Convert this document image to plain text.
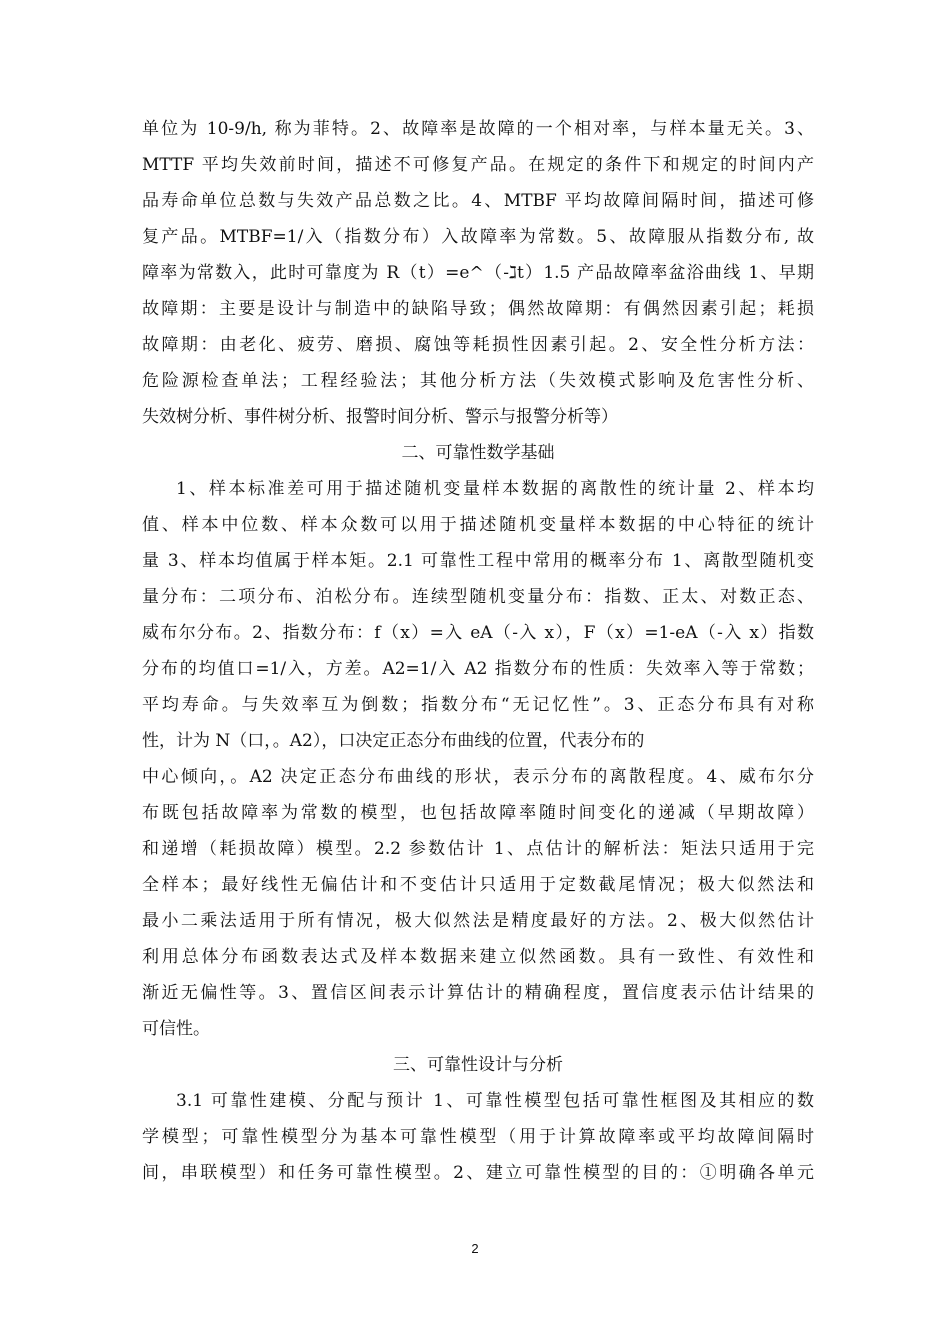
单位为 10-9/h, 称为菲特。2、故障率是故障的一个相对率，与样本量无关。3、
MTTF 平均失效前时间，描述不可修复产品。在规定的条件下和规定的时间内产
品寿命单位总数与失效产品总数之比。4、MTBF 平均故障间隔时间，描述可修
复产品。MTBF=1/入（指数分布）入故障率为常数。5、故障服从指数分布, 故
障率为常数入，此时可靠度为 R（t）=e^（-ℷt）1.5 产品故障率盆浴曲线 1、早期
故障期：主要是设计与制造中的缺陷导致；偶然故障期：有偶然因素引起；耗损
故障期：由老化、疲劳、磨损、腐蚀等耗损性因素引起。2、安全性分析方法：
危险源检查单法；工程经验法；其他分析方法（失效模式影响及危害性分析、
失效树分析、事件树分析、报警时间分析、警示与报警分析等）
二、可靠性数学基础
1、样本标准差可用于描述随机变量样本数据的离散性的统计量 2、样本均
值、样本中位数、样本众数可以用于描述随机变量样本数据的中心特征的统计
量 3、样本均值属于样本矩。2.1 可靠性工程中常用的概率分布 1、离散型随机变
量分布：二项分布、泊松分布。连续型随机变量分布：指数、正太、对数正态、
威布尔分布。2、指数分布：f（x）=入 eA（-入 x），F（x）=1-eA（-入 x）指数
分布的均值口=1/入，方差。A2=1/入 A2 指数分布的性质：失效率入等于常数；
平均寿命。与失效率互为倒数；指数分布“无记忆性”。3、正态分布具有对称
性，计为 N（口，。A2），口决定正态分布曲线的位置，代表分布的
中心倾向，。A2 决定正态分布曲线的形状，表示分布的离散程度。4、威布尔分
布既包括故障率为常数的模型，也包括故障率随时间变化的递减（早期故障）
和递增（耗损故障）模型。2.2 参数估计 1、点估计的解析法：矩法只适用于完
全样本；最好线性无偏估计和不变估计只适用于定数截尾情况；极大似然法和
最小二乘法适用于所有情况，极大似然法是精度最好的方法。2、极大似然估计
利用总体分布函数表达式及样本数据来建立似然函数。具有一致性、有效性和
渐近无偏性等。3、置信区间表示计算估计的精确程度，置信度表示估计结果的
可信性。
三、可靠性设计与分析
3.1 可靠性建模、分配与预计 1、可靠性模型包括可靠性框图及其相应的数
学模型；可靠性模型分为基本可靠性模型（用于计算故障率或平均故障间隔时
间，串联模型）和任务可靠性模型。2、建立可靠性模型的目的：①明确各单元
2
